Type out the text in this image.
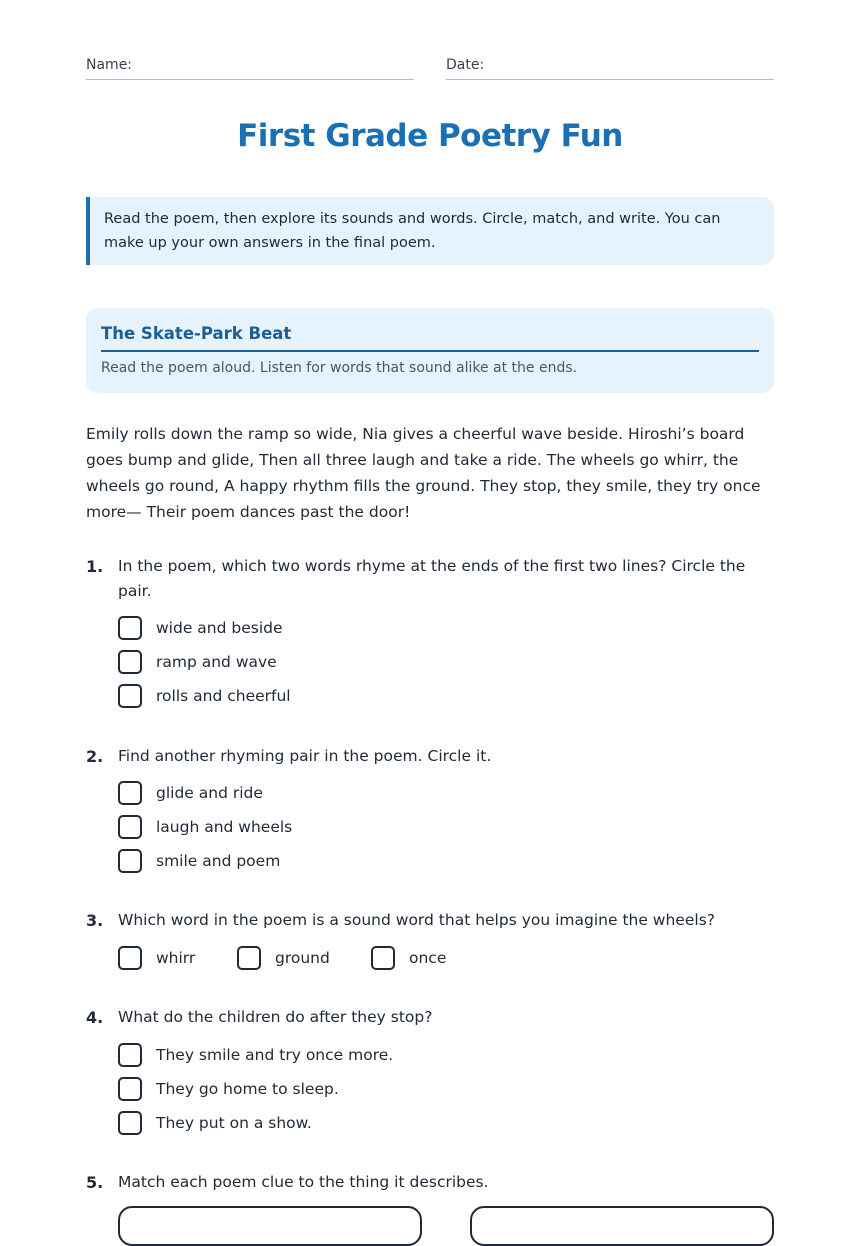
Name:	Date:
First Grade Poetry Fun
Read the poem, then explore its sounds and words. Circle, match, and write. You can make up your own answers in the final poem.
The Skate-Park Beat
Read the poem aloud. Listen for words that sound alike at the ends.
Emily rolls down the ramp so wide, Nia gives a cheerful wave beside. Hiroshi’s board goes bump and glide, Then all three laugh and take a ride. The wheels go whirr, the wheels go round, A happy rhythm fills the ground. They stop, they smile, they try once more— Their poem dances past the door!
1. In the poem, which two words rhyme at the ends of the first two lines? Circle the pair.
wide and beside
ramp and wave
rolls and cheerful
2. Find another rhyming pair in the poem. Circle it.
glide and ride
laugh and wheels
smile and poem
3. Which word in the poem is a sound word that helps you imagine the wheels?
whirr	ground	once
4. What do the children do after they stop?
They smile and try once more.
They go home to sleep.
They put on a show.
5. Match each poem clue to the thing it describes.
